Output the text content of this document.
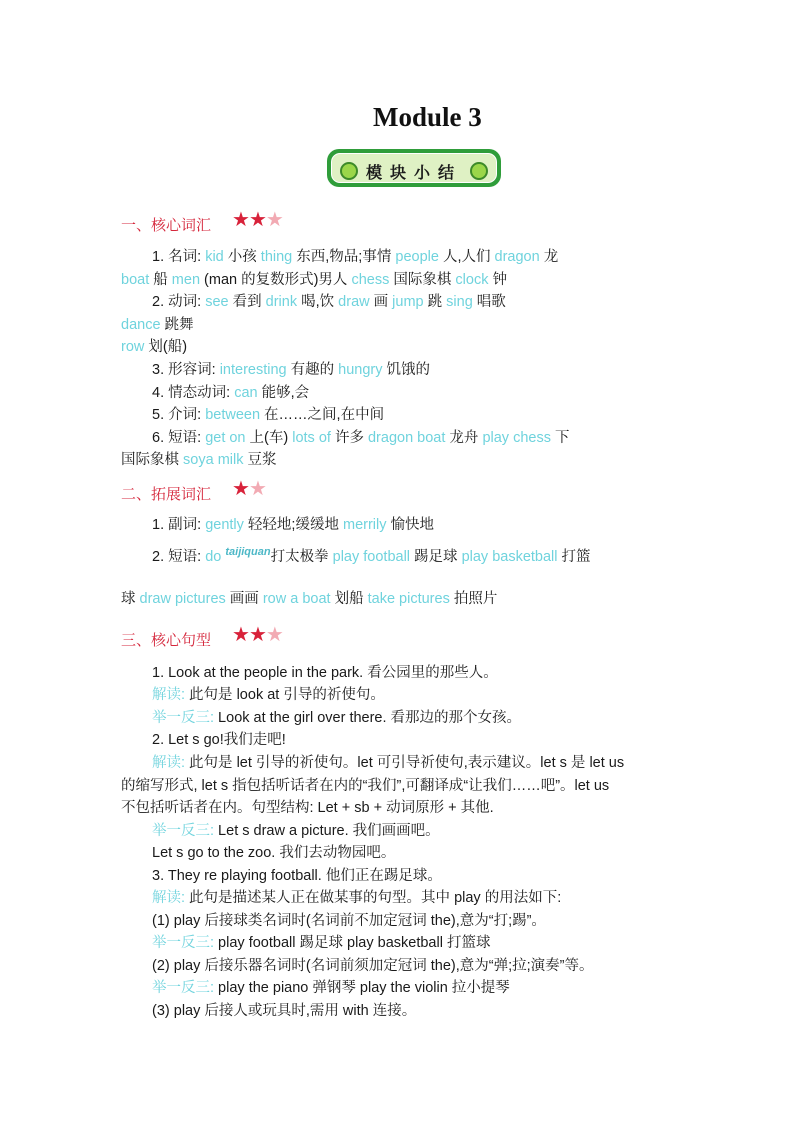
Module 3
模块小结
一、核心词汇 ★★★
1. 名词: kid 小孩 thing 东西,物品;事情 people 人,人们 dragon 龙
boat 船 men (man 的复数形式)男人 chess 国际象棋 clock 钟
2. 动词: see 看到 drink 喝,饮 draw 画 jump 跳 sing 唱歌
dance 跳舞
row 划(船)
3. 形容词: interesting 有趣的 hungry 饥饿的
4. 情态动词: can 能够,会
5. 介词: between 在……之间,在中间
6. 短语: get on 上(车) lots of 许多 dragon boat 龙舟 play chess 下
国际象棋 soya milk 豆浆
二、拓展词汇 ★★
1. 副词: gently 轻轻地;缓缓地 merrily 愉快地
2. 短语: do $^{taijiquan}$打太极拳 play football 踢足球 play basketball 打篮
球 draw pictures 画画 row a boat 划船 take pictures 拍照片
三、核心句型 ★★★
1. Look at the people in the park. 看公园里的那些人。
解读: 此句是 look at 引导的祈使句。
举一反三: Look at the girl over there. 看那边的那个女孩。
2. Let s go!我们走吧!
解读: 此句是 let 引导的祈使句。let 可引导祈使句,表示建议。let s 是 let us
的缩写形式, let s 指包括听话者在内的“我们”,可翻译成“让我们……吧”。let us
不包括听话者在内。句型结构: Let + sb + 动词原形 + 其他.
举一反三: Let s draw a picture. 我们画画吧。
Let s go to the zoo. 我们去动物园吧。
3. They re playing football. 他们正在踢足球。
解读: 此句是描述某人正在做某事的句型。其中 play 的用法如下:
(1) play 后接球类名词时(名词前不加定冠词 the),意为“打;踢”。
举一反三: play football 踢足球 play basketball 打篮球
(2) play 后接乐器名词时(名词前须加定冠词 the),意为“弹;拉;演奏”等。
举一反三: play the piano 弹钢琴 play the violin 拉小提琴
(3) play 后接人或玩具时,需用 with 连接。
